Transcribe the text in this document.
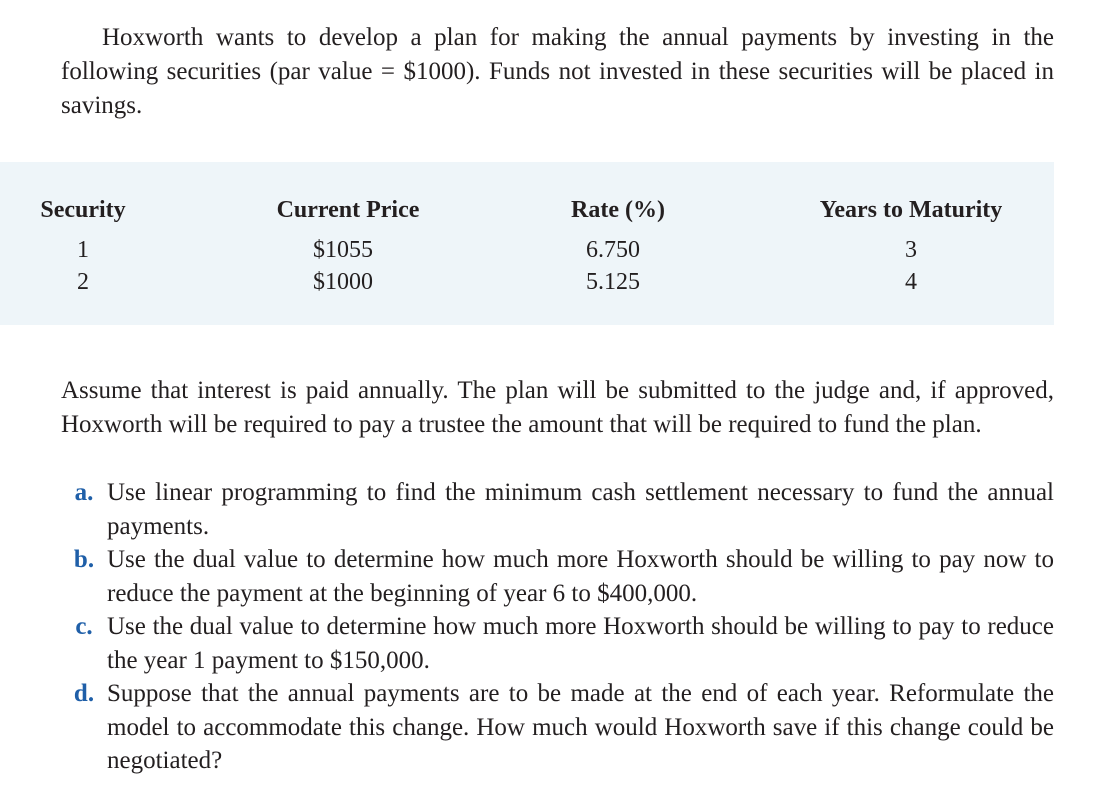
Hoxworth wants to develop a plan for making the annual payments by investing in the following securities (par value = $1000). Funds not invested in these securities will be placed in savings.

Security
1
2
Current Price
$1055
$1000
Rate (%)
6.750
5.125
Years to Maturity
3
4

Assume that interest is paid annually. The plan will be submitted to the judge and, if approved, Hoxworth will be required to pay a trustee the amount that will be required to fund the plan.

a. Use linear programming to find the minimum cash settlement necessary to fund the annual payments.
b. Use the dual value to determine how much more Hoxworth should be willing to pay now to reduce the payment at the beginning of year 6 to $400,000.
c. Use the dual value to determine how much more Hoxworth should be willing to pay to reduce the year 1 payment to $150,000.
d. Suppose that the annual payments are to be made at the end of each year. Reformulate the model to accommodate this change. How much would Hoxworth save if this change could be negotiated?
